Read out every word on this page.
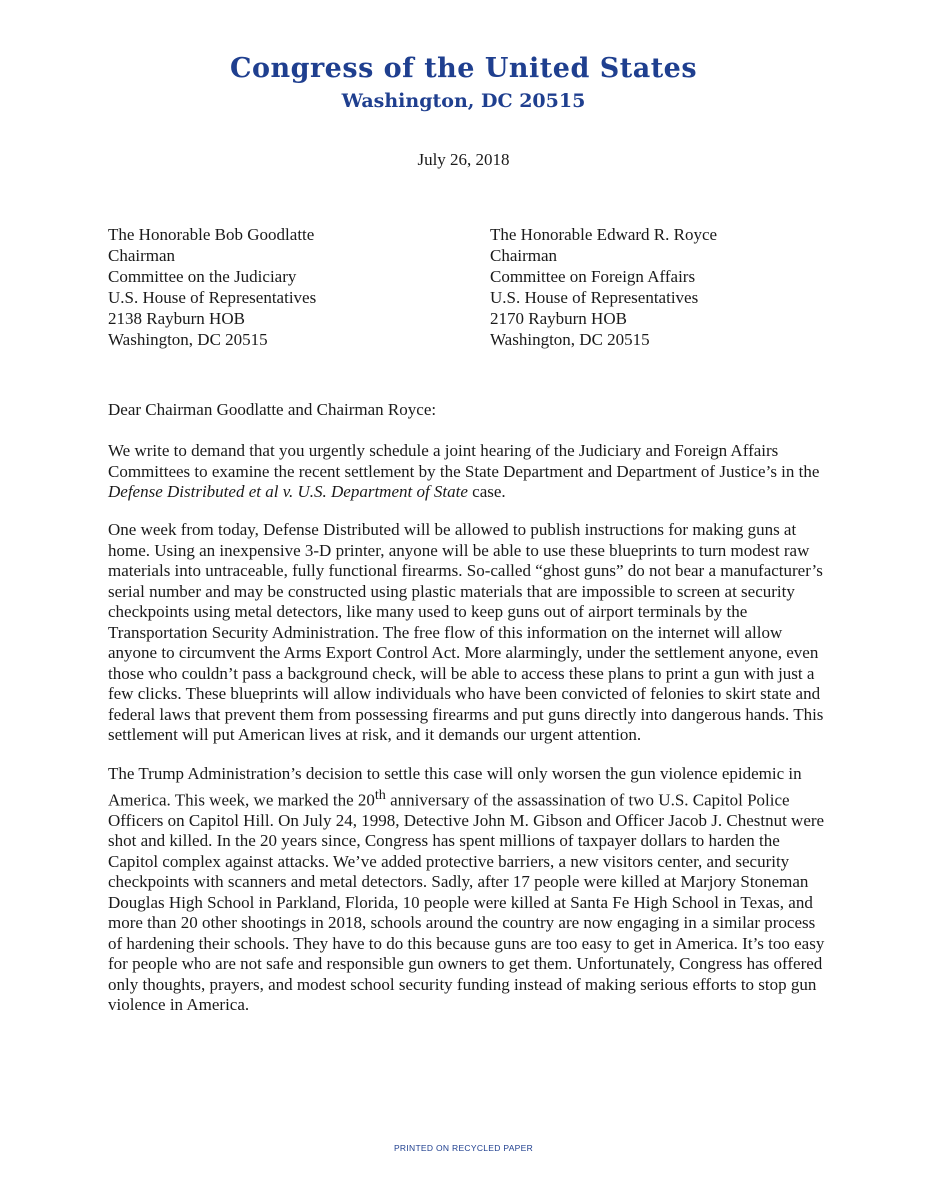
Congress of the United States
Washington, DC 20515
July 26, 2018
The Honorable Bob Goodlatte
Chairman
Committee on the Judiciary
U.S. House of Representatives
2138 Rayburn HOB
Washington, DC 20515
The Honorable Edward R. Royce
Chairman
Committee on Foreign Affairs
U.S. House of Representatives
2170 Rayburn HOB
Washington, DC 20515
Dear Chairman Goodlatte and Chairman Royce:

We write to demand that you urgently schedule a joint hearing of the Judiciary and Foreign Affairs Committees to examine the recent settlement by the State Department and Department of Justice’s in the Defense Distributed et al v. U.S. Department of State case.

One week from today, Defense Distributed will be allowed to publish instructions for making guns at home. Using an inexpensive 3-D printer, anyone will be able to use these blueprints to turn modest raw materials into untraceable, fully functional firearms. So-called “ghost guns” do not bear a manufacturer’s serial number and may be constructed using plastic materials that are impossible to screen at security checkpoints using metal detectors, like many used to keep guns out of airport terminals by the Transportation Security Administration. The free flow of this information on the internet will allow anyone to circumvent the Arms Export Control Act. More alarmingly, under the settlement anyone, even those who couldn’t pass a background check, will be able to access these plans to print a gun with just a few clicks. These blueprints will allow individuals who have been convicted of felonies to skirt state and federal laws that prevent them from possessing firearms and put guns directly into dangerous hands. This settlement will put American lives at risk, and it demands our urgent attention.

The Trump Administration’s decision to settle this case will only worsen the gun violence epidemic in America. This week, we marked the 20th anniversary of the assassination of two U.S. Capitol Police Officers on Capitol Hill. On July 24, 1998, Detective John M. Gibson and Officer Jacob J. Chestnut were shot and killed. In the 20 years since, Congress has spent millions of taxpayer dollars to harden the Capitol complex against attacks. We’ve added protective barriers, a new visitors center, and security checkpoints with scanners and metal detectors. Sadly, after 17 people were killed at Marjory Stoneman Douglas High School in Parkland, Florida, 10 people were killed at Santa Fe High School in Texas, and more than 20 other shootings in 2018, schools around the country are now engaging in a similar process of hardening their schools. They have to do this because guns are too easy to get in America. It’s too easy for people who are not safe and responsible gun owners to get them. Unfortunately, Congress has offered only thoughts, prayers, and modest school security funding instead of making serious efforts to stop gun violence in America.

PRINTED ON RECYCLED PAPER
